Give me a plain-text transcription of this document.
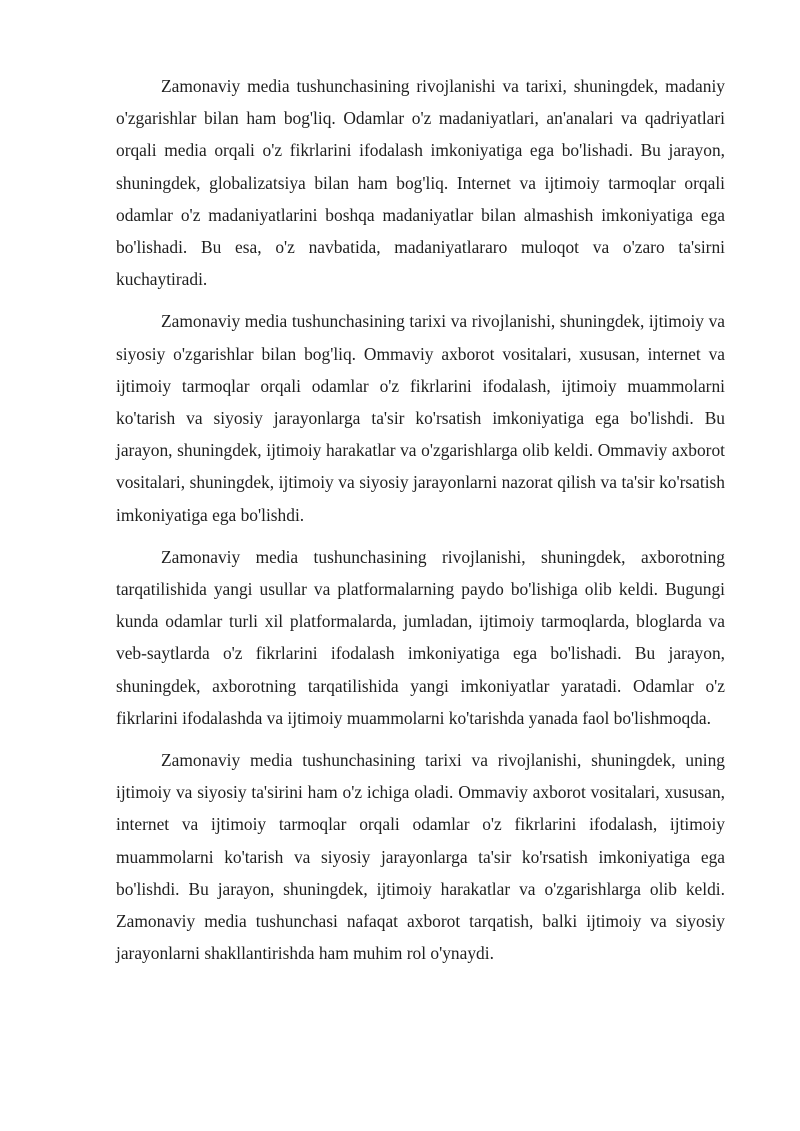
Zamonaviy media tushunchasining rivojlanishi va tarixi, shuningdek, madaniy o'zgarishlar bilan ham bog'liq. Odamlar o'z madaniyatlari, an'analari va qadriyatlari orqali media orqali o'z fikrlarini ifodalash imkoniyatiga ega bo'lishadi. Bu jarayon, shuningdek, globalizatsiya bilan ham bog'liq. Internet va ijtimoiy tarmoqlar orqali odamlar o'z madaniyatlarini boshqa madaniyatlar bilan almashish imkoniyatiga ega bo'lishadi. Bu esa, o'z navbatida, madaniyatlararo muloqot va o'zaro ta'sirni kuchaytiradi.

Zamonaviy media tushunchasining tarixi va rivojlanishi, shuningdek, ijtimoiy va siyosiy o'zgarishlar bilan bog'liq. Ommaviy axborot vositalari, xususan, internet va ijtimoiy tarmoqlar orqali odamlar o'z fikrlarini ifodalash, ijtimoiy muammolarni ko'tarish va siyosiy jarayonlarga ta'sir ko'rsatish imkoniyatiga ega bo'lishdi. Bu jarayon, shuningdek, ijtimoiy harakatlar va o'zgarishlarga olib keldi. Ommaviy axborot vositalari, shuningdek, ijtimoiy va siyosiy jarayonlarni nazorat qilish va ta'sir ko'rsatish imkoniyatiga ega bo'lishdi.

Zamonaviy media tushunchasining rivojlanishi, shuningdek, axborotning tarqatilishida yangi usullar va platformalarning paydo bo'lishiga olib keldi. Bugungi kunda odamlar turli xil platformalarda, jumladan, ijtimoiy tarmoqlarda, bloglarda va veb-saytlarda o'z fikrlarini ifodalash imkoniyatiga ega bo'lishadi. Bu jarayon, shuningdek, axborotning tarqatilishida yangi imkoniyatlar yaratadi. Odamlar o'z fikrlarini ifodalashda va ijtimoiy muammolarni ko'tarishda yanada faol bo'lishmoqda.

Zamonaviy media tushunchasining tarixi va rivojlanishi, shuningdek, uning ijtimoiy va siyosiy ta'sirini ham o'z ichiga oladi. Ommaviy axborot vositalari, xususan, internet va ijtimoiy tarmoqlar orqali odamlar o'z fikrlarini ifodalash, ijtimoiy muammolarni ko'tarish va siyosiy jarayonlarga ta'sir ko'rsatish imkoniyatiga ega bo'lishdi. Bu jarayon, shuningdek, ijtimoiy harakatlar va o'zgarishlarga olib keldi. Zamonaviy media tushunchasi nafaqat axborot tarqatish, balki ijtimoiy va siyosiy jarayonlarni shakllantirishda ham muhim rol o'ynaydi.
